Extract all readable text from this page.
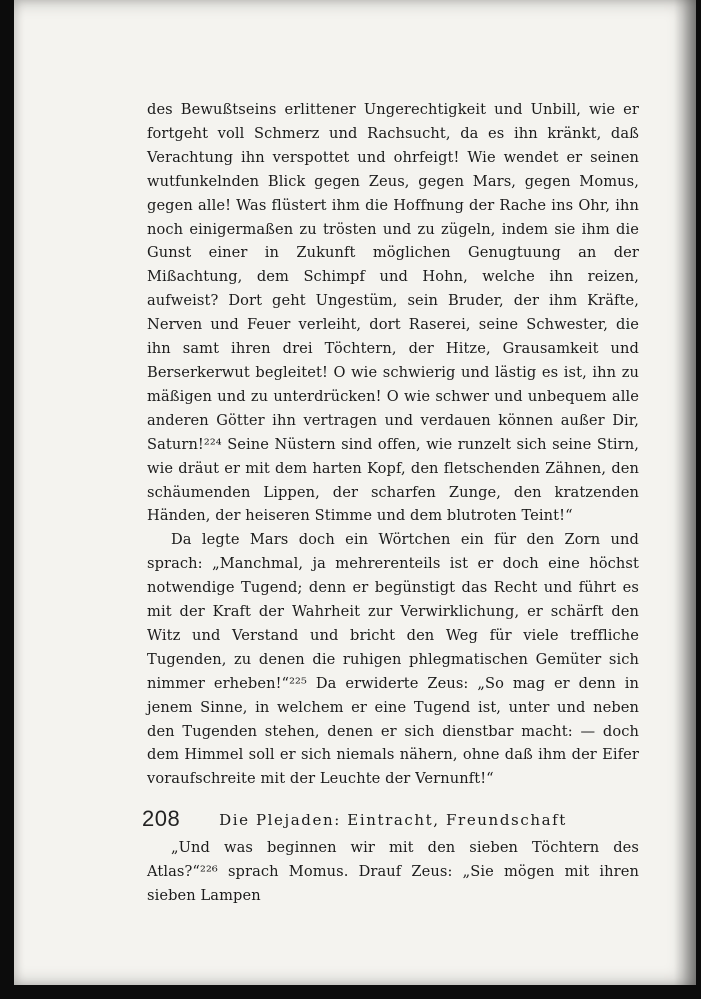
des Bewußtseins erlittener Ungerechtigkeit und Unbill, wie er fortgeht voll Schmerz und Rachsucht, da es ihn kränkt, daß Verachtung ihn verspottet und ohrfeigt! Wie wendet er seinen wutfunkelnden Blick gegen Zeus, gegen Mars, gegen Momus, gegen alle! Was flüstert ihm die Hoffnung der Rache ins Ohr, ihn noch einigermaßen zu trösten und zu zügeln, indem sie ihm die Gunst einer in Zukunft möglichen Genugtuung an der Mißachtung, dem Schimpf und Hohn, welche ihn reizen, aufweist? Dort geht Ungestüm, sein Bruder, der ihm Kräfte, Nerven und Feuer verleiht, dort Raserei, seine Schwester, die ihn samt ihren drei Töchtern, der Hitze, Grausamkeit und Berserkerwut begleitet! O wie schwierig und lästig es ist, ihn zu mäßigen und zu unterdrücken! O wie schwer und unbequem alle anderen Götter ihn vertragen und verdauen können außer Dir, Saturn!²²⁴ Seine Nüstern sind offen, wie runzelt sich seine Stirn, wie dräut er mit dem harten Kopf, den fletschenden Zähnen, den schäumenden Lippen, der scharfen Zunge, den kratzenden Händen, der heiseren Stimme und dem blutroten Teint!“

Da legte Mars doch ein Wörtchen ein für den Zorn und sprach: „Manchmal, ja mehrerenteils ist er doch eine höchst notwendige Tugend; denn er begünstigt das Recht und führt es mit der Kraft der Wahrheit zur Verwirklichung, er schärft den Witz und Verstand und bricht den Weg für viele treffliche Tugenden, zu denen die ruhigen phlegmatischen Gemüter sich nimmer erheben!“²²⁵ Da erwiderte Zeus: „So mag er denn in jenem Sinne, in welchem er eine Tugend ist, unter und neben den Tugenden stehen, denen er sich dienstbar macht: — doch dem Himmel soll er sich niemals nähern, ohne daß ihm der Eifer voraufschreite mit der Leuchte der Vernunft!“

Die Plejaden: Eintracht, Freundschaft

„Und was beginnen wir mit den sieben Töchtern des Atlas?“²²⁶ sprach Momus. Drauf Zeus: „Sie mögen mit ihren sieben Lampen

208
